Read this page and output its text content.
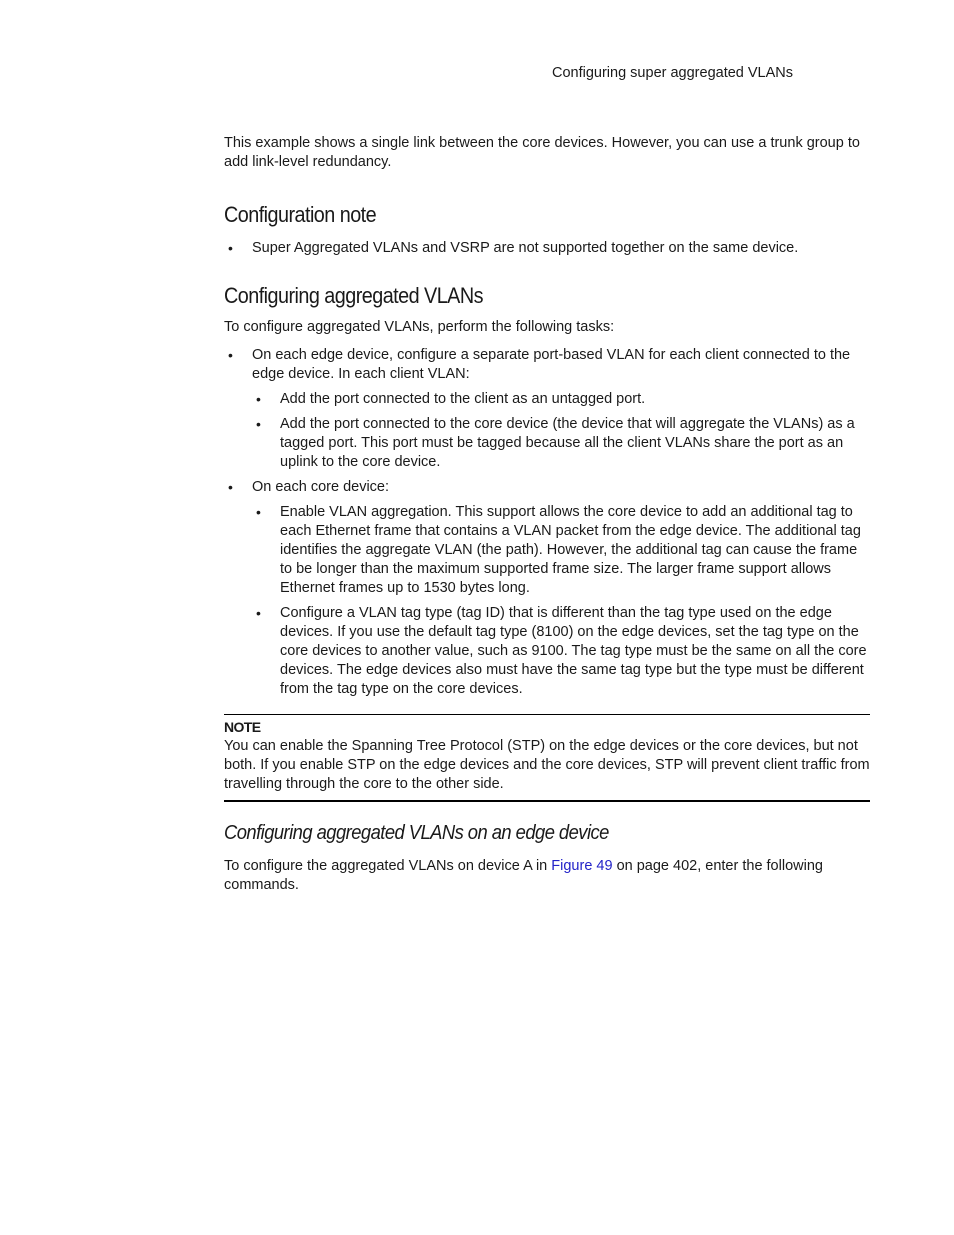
Configuring super aggregated VLANs

This example shows a single link between the core devices. However, you can use a trunk group to add link-level redundancy.

Configuration note
• Super Aggregated VLANs and VSRP are not supported together on the same device.
Configuring aggregated VLANs

To configure aggregated VLANs, perform the following tasks:

• On each edge device, configure a separate port-based VLAN for each client connected to the edge device. In each client VLAN:
• Add the port connected to the client as an untagged port.
• Add the port connected to the core device (the device that will aggregate the VLANs) as a tagged port. This port must be tagged because all the client VLANs share the port as an uplink to the core device.
• On each core device:
• Enable VLAN aggregation. This support allows the core device to add an additional tag to each Ethernet frame that contains a VLAN packet from the edge device. The additional tag identifies the aggregate VLAN (the path). However, the additional tag can cause the frame to be longer than the maximum supported frame size. The larger frame support allows Ethernet frames up to 1530 bytes long.
• Configure a VLAN tag type (tag ID) that is different than the tag type used on the edge devices. If you use the default tag type (8100) on the edge devices, set the tag type on the core devices to another value, such as 9100. The tag type must be the same on all the core devices. The edge devices also must have the same tag type but the type must be different from the tag type on the core devices.
NOTE

You can enable the Spanning Tree Protocol (STP) on the edge devices or the core devices, but not both. If you enable STP on the edge devices and the core devices, STP will prevent client traffic from travelling through the core to the other side.

Configuring aggregated VLANs on an edge device

To configure the aggregated VLANs on device A in Figure 49 on page 402, enter the following commands.
